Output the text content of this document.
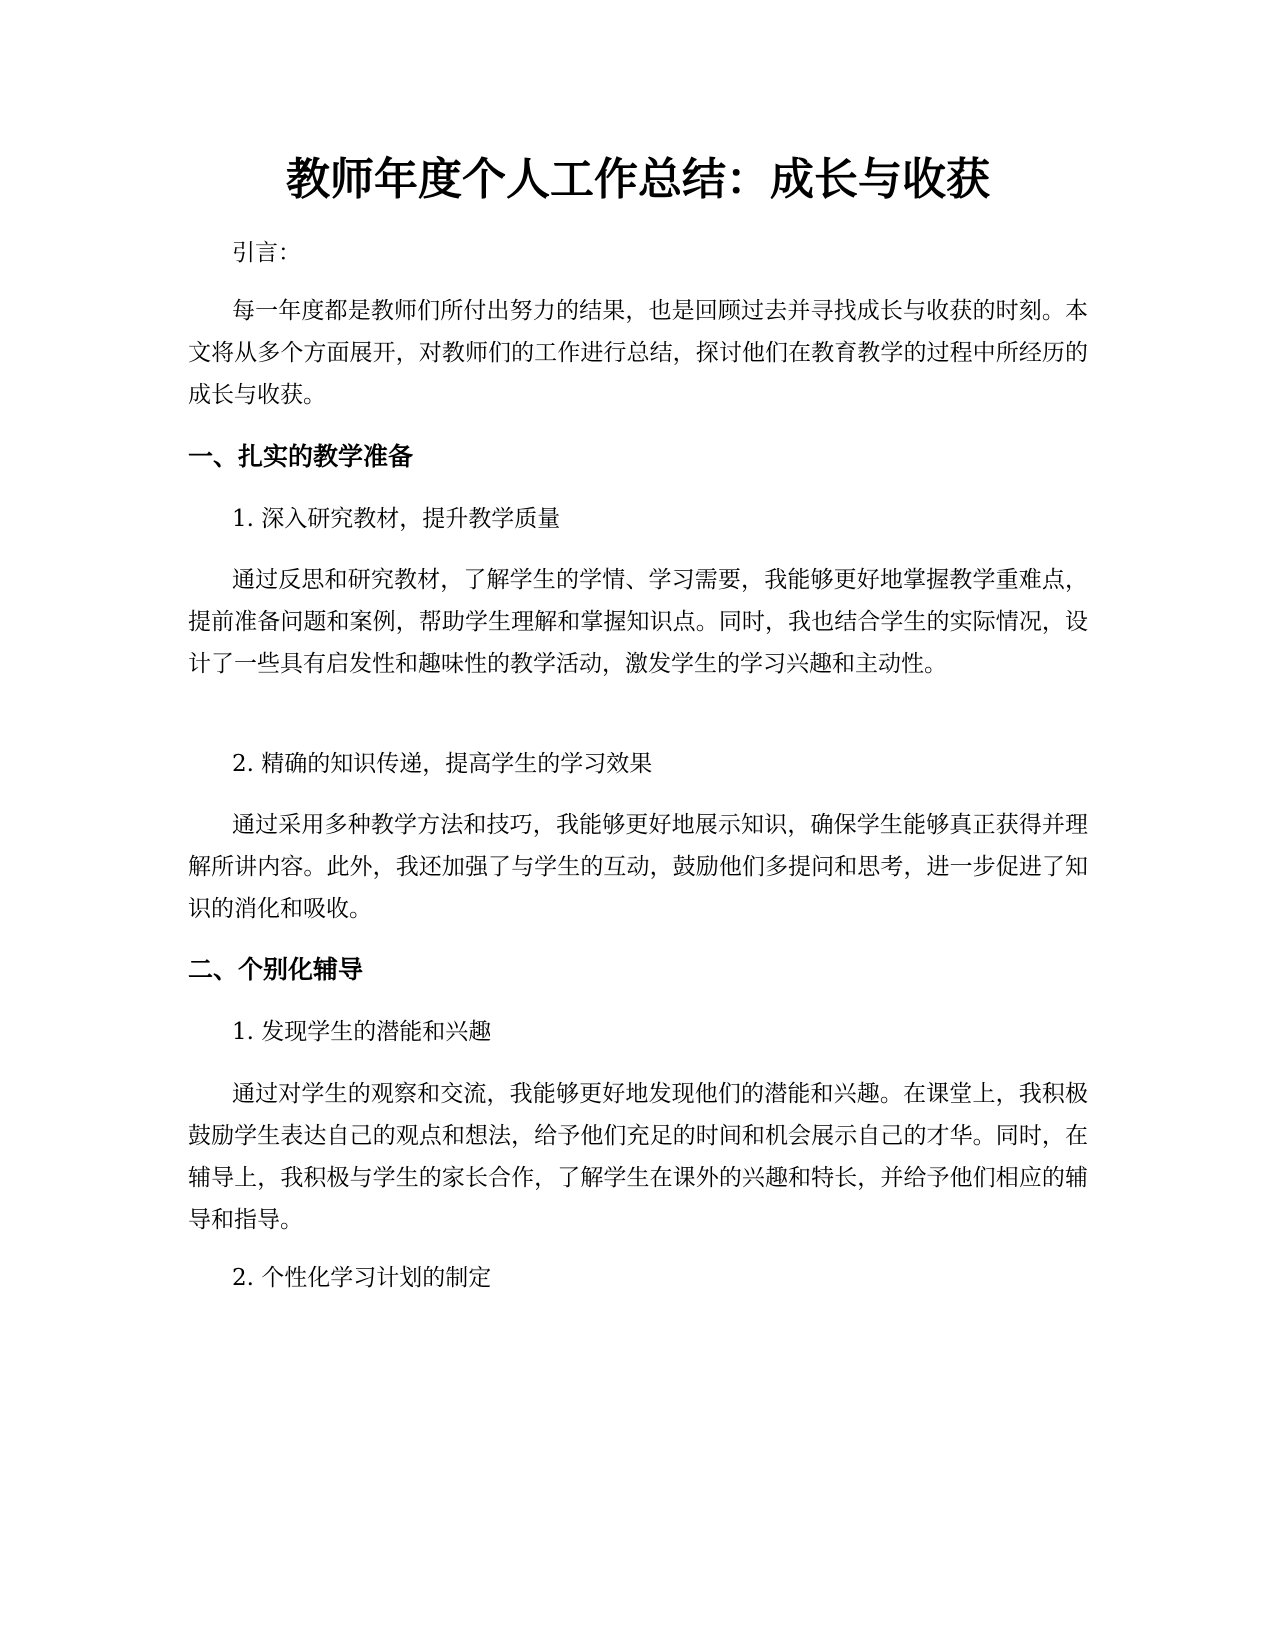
教师年度个人工作总结：成长与收获

引言：

每一年度都是教师们所付出努力的结果，也是回顾过去并寻找成长与收获的时刻。本文将从多个方面展开，对教师们的工作进行总结，探讨他们在教育教学的过程中所经历的成长与收获。

一、扎实的教学准备

1. 深入研究教材，提升教学质量

通过反思和研究教材，了解学生的学情、学习需要，我能够更好地掌握教学重难点，提前准备问题和案例，帮助学生理解和掌握知识点。同时，我也结合学生的实际情况，设计了一些具有启发性和趣味性的教学活动，激发学生的学习兴趣和主动性。

2. 精确的知识传递，提高学生的学习效果

通过采用多种教学方法和技巧，我能够更好地展示知识，确保学生能够真正获得并理解所讲内容。此外，我还加强了与学生的互动，鼓励他们多提问和思考，进一步促进了知识的消化和吸收。

二、个别化辅导

1. 发现学生的潜能和兴趣

通过对学生的观察和交流，我能够更好地发现他们的潜能和兴趣。在课堂上，我积极鼓励学生表达自己的观点和想法，给予他们充足的时间和机会展示自己的才华。同时，在辅导上，我积极与学生的家长合作，了解学生在课外的兴趣和特长，并给予他们相应的辅导和指导。

2. 个性化学习计划的制定
